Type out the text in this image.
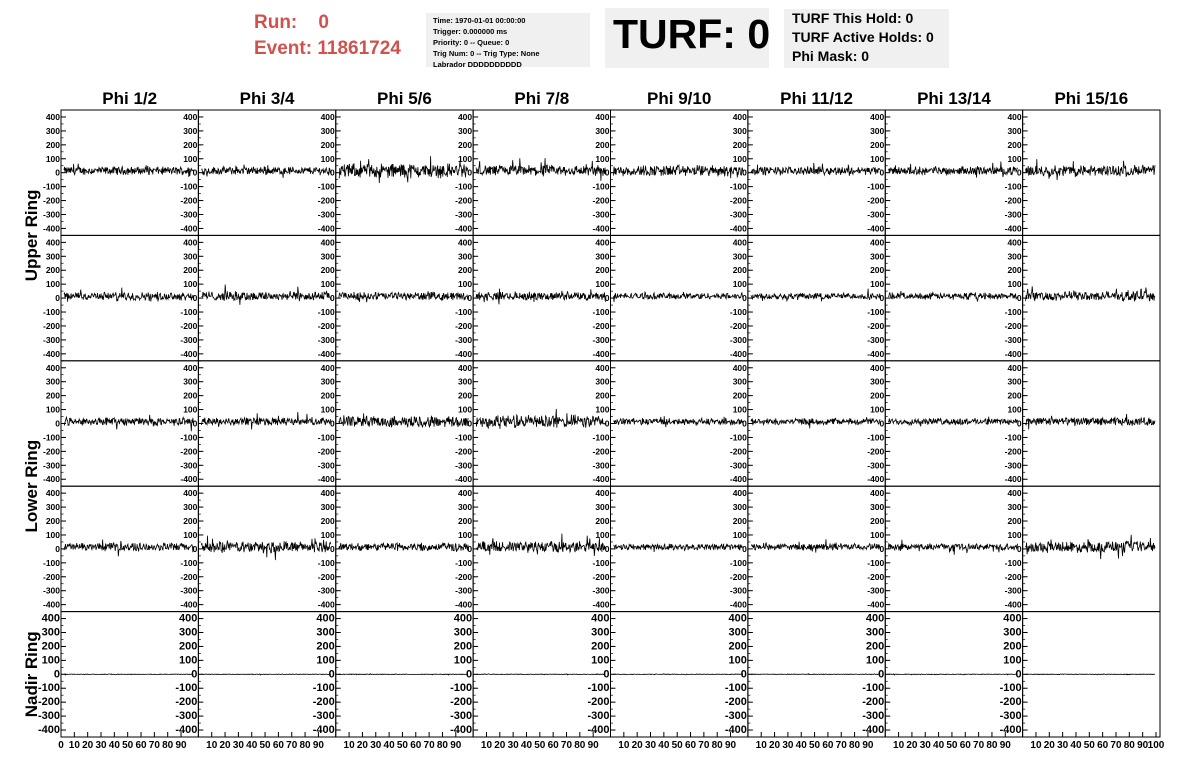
Run: 0
Event: 11861724
Time: 1970-01-01 00:00:00
Trigger: 0.000000 ms
Priority: 0 -- Queue: 0
Trig Num: 0 -- Trig Type: None
Labrador DDDDDDDDDD
TURF: 0 TURF This Hold: 0
TURF Active Holds: 0
Phi Mask: 0
Phi 1/2	Phi 3/4	Phi 5/6	Phi 7/8	Phi 9/10	Phi 11/12	Phi 13/14	Phi 15/16
Upper Ring
Lower Ring
Nadir Ring
400
300
200
100
0
-100
-200
-300
-400
400
300
200
100
0
-100
-200
-300
-400
400
300
200
100
0
-100
-200
-300
-400
400
300
200
100
0
-100
-200
-300
-400
400
300
200
100
0
-100
-200
-300
-400
400
300
200
100
0
-100
-200
-300
-400
400
300
200
100
0
-100
-200
-300
-400
400
300
200
100
0
-100
-200
-300
-400
400
300
200
100
0
-100
-200
-300
-400
400
300
200
100
0
-100
-200
-300
-400
400
300
200
100
0
-100
-200
-300
-400
400
300
200
100
0
-100
-200
-300
-400
400
300
200
100
0
-100
-200
-300
-400
400
300
200
100
0
-100
-200
-300
-400
400
300
200
100
0
-100
-200
-300
-400
400
300
200
100
0
-100
-200
-300
-400
400
300
200
100
0
-100
-200
-300
-400
400
300
200
100
0
-100
-200
-300
-400
400
300
200
100
0
-100
-200
-300
-400
400
300
200
100
0
-100
-200
-300
-400
400
300
200
100
0
-100
-200
-300
-400
400
300
200
100
0
-100
-200
-300
-400
400
300
200
100
0
-100
-200
-300
-400
400
300
200
100
0
-100
-200
-300
-400
400
300
200
100
0
-100
-200
-300
-400
400
300
200
100
0
-100
-200
-300
-400
400
300
200
100
0
-100
-200
-300
-400
400
300
200
100
0
-100
-200
-300
-400
400
300
200
100
0
-100
-200
-300
-400
400
300
200
100
0
-100
-200
-300
-400
400
300
200
100
0
-100
-200
-300
-400
400
300
200
100
0
-100
-200
-300
-400
400
300
200
100
0
-100
-200
-300
-400
400
300
200
100
0
-100
-200
-300
-400
400
300
200
100
0
-100
-200
-300
-400
400
300
200
100
0
-100
-200
-300
-400
400
300
200
100
0
-100
-200
-300
-400
400
300
200
100
0
-100
-200
-300
-400
400
300
200
100
0
-100
-200
-300
-400
400
300
200
100
0
-100
-200
-300
-400
0 10 20 30 40 50 60 70 80 90 10 20 30 40 50 60 70 80 90 10 20 30 40 50 60 70 80 90 10 20 30 40 50 60 70 80 90 10 20 30 40 50 60 70 80 90 10 20 30 40 50 60 70 80 90 10 20 30 40 50 60 70 80 90 10 20 30 40 50 60 70 80 90 100
